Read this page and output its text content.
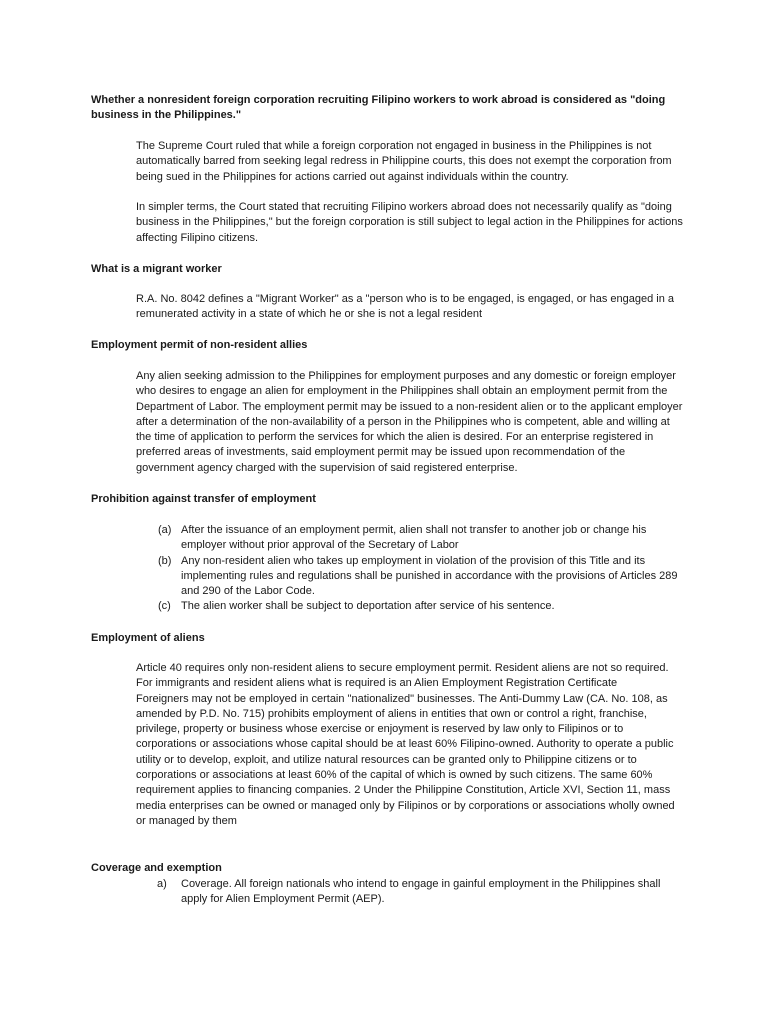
Whether a nonresident foreign corporation recruiting Filipino workers to work abroad is considered as "doing business in the Philippines."

The Supreme Court ruled that while a foreign corporation not engaged in business in the Philippines is not automatically barred from seeking legal redress in Philippine courts, this does not exempt the corporation from being sued in the Philippines for actions carried out against individuals within the country.

In simpler terms, the Court stated that recruiting Filipino workers abroad does not necessarily qualify as "doing business in the Philippines," but the foreign corporation is still subject to legal action in the Philippines for actions affecting Filipino citizens.

What is a migrant worker

R.A. No. 8042 defines a "Migrant Worker" as a "person who is to be engaged, is engaged, or has engaged in a remunerated activity in a state of which he or she is not a legal resident

Employment permit of non-resident allies

Any alien seeking admission to the Philippines for employment purposes and any domestic or foreign employer who desires to engage an alien for employment in the Philippines shall obtain an employment permit from the Department of Labor. The employment permit may be issued to a non-resident alien or to the applicant employer after a determination of the non-availability of a person in the Philippines who is competent, able and willing at the time of application to perform the services for which the alien is desired. For an enterprise registered in preferred areas of investments, said employment permit may be issued upon recommendation of the government agency charged with the supervision of said registered enterprise.

Prohibition against transfer of employment
(a) After the issuance of an employment permit, alien shall not transfer to another job or change his employer without prior approval of the Secretary of Labor
(b) Any non-resident alien who takes up employment in violation of the provision of this Title and its implementing rules and regulations shall be punished in accordance with the provisions of Articles 289 and 290 of the Labor Code.
(c) The alien worker shall be subject to deportation after service of his sentence.
Employment of aliens

Article 40 requires only non-resident aliens to secure employment permit. Resident aliens are not so required. For immigrants and resident aliens what is required is an Alien Employment Registration Certificate

Foreigners may not be employed in certain "nationalized" businesses. The Anti-Dummy Law (CA. No. 108, as amended by P.D. No. 715) prohibits employment of aliens in entities that own or control a right, franchise, privilege, property or business whose exercise or enjoyment is reserved by law only to Filipinos or to corporations or associations whose capital should be at least 60% Filipino-owned. Authority to operate a public utility or to develop, exploit, and utilize natural resources can be granted only to Philippine citizens or to corporations or associations at least 60% of the capital of which is owned by such citizens. The same 60% requirement applies to financing companies. 2 Under the Philippine Constitution, Article XVI, Section 11, mass media enterprises can be owned or managed only by Filipinos or by corporations or associations wholly owned or managed by them

Coverage and exemption
a) Coverage. All foreign nationals who intend to engage in gainful employment in the Philippines shall apply for Alien Employment Permit (AEP).
